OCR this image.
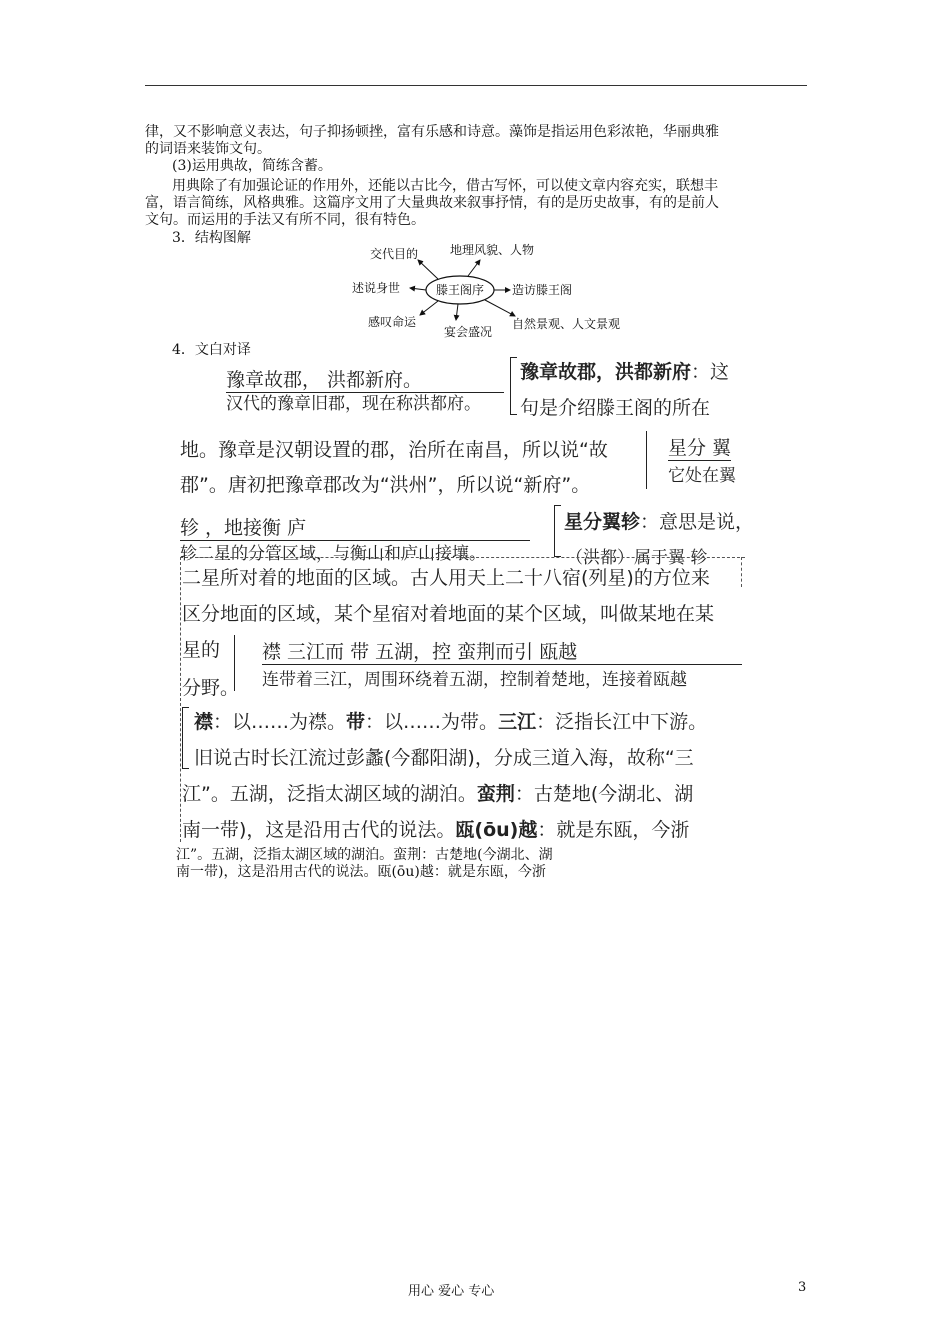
律，又不影响意义表达，句子抑扬顿挫，富有乐感和诗意。藻饰是指运用色彩浓艳，华丽典雅
的词语来装饰文句。
(3)运用典故，简练含蓄。
用典除了有加强论证的作用外，还能以古比今，借古写怀，可以使文章内容充实，联想丰
富，语言简练，风格典雅。这篇序文用了大量典故来叙事抒情，有的是历史故事，有的是前人
文句。而运用的手法又有所不同，很有特色。
3．结构图解
滕王阁序
交代目的	地理风貌、人物
述说身世	造访滕王阁
感叹命运
宴会盛况
自然景观、人文景观
4．文白对译
豫章故郡， 洪都新府。
汉代的豫章旧郡，现在称洪都府。
豫章故郡，洪都新府：这
句是介绍滕王阁的所在
地。豫章是汉朝设置的郡，治所在南昌，所以说“故
郡”。唐初把豫章郡改为“洪州”，所以说“新府”。
星分 翼
它处在翼
轸 ，地接衡 庐
轸二星的分管区域，与衡山和庐山接壤。
星分翼轸：意思是说，
（洪都）属于翼 轸
二星所对着的地面的区域。古人用天上二十八宿(列星)的方位来
区分地面的区域，某个星宿对着地面的某个区域，叫做某地在某
星的
分野。
襟 三江而 带 五湖，控 蛮荆而引 瓯越
连带着三江，周围环绕着五湖，控制着楚地，连接着瓯越
襟：以……为襟。带：以……为带。三江：泛指长江中下游。
旧说古时长江流过彭蠡(今鄱阳湖)，分成三道入海，故称“三
江”。五湖，泛指太湖区域的湖泊。蛮荆：古楚地(今湖北、湖
南一带)，这是沿用古代的说法。瓯(ōu)越：就是东瓯，今浙
江”。五湖，泛指太湖区域的湖泊。蛮荆：古楚地(今湖北、湖
南一带)，这是沿用古代的说法。瓯(ōu)越：就是东瓯，今浙
用心 爱心 专心	3
